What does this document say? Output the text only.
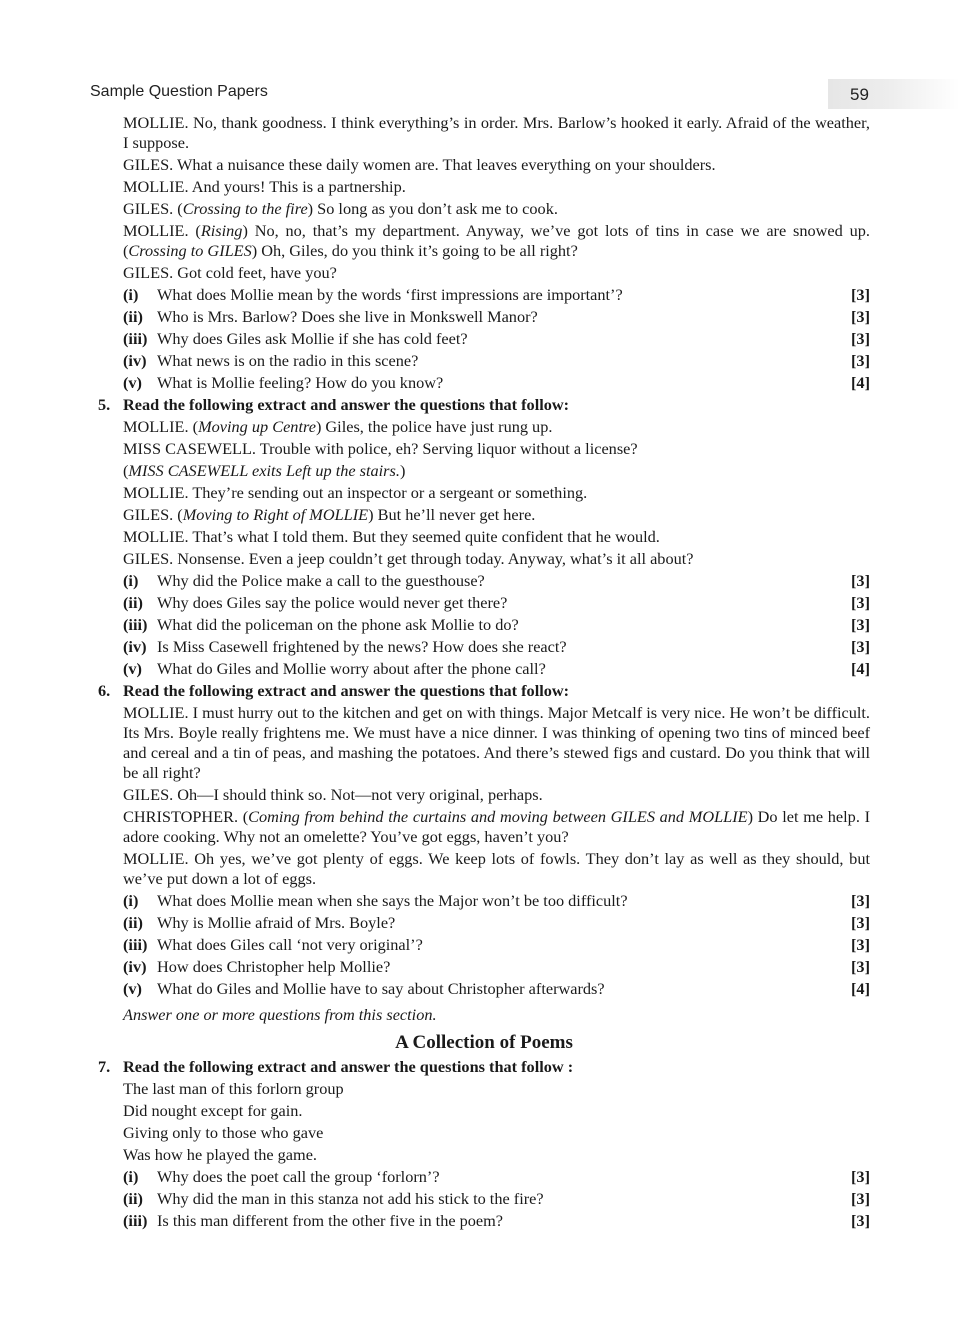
Sample Question Papers	59

MOLLIE. No, thank goodness. I think everything’s in order. Mrs. Barlow’s hooked it early. Afraid of the weather, I suppose.

GILES. What a nuisance these daily women are. That leaves everything on your shoulders.

MOLLIE. And yours! This is a partnership.

GILES. (Crossing to the fire) So long as you don’t ask me to cook.

MOLLIE. (Rising) No, no, that’s my department. Anyway, we’ve got lots of tins in case we are snowed up. (Crossing to GILES) Oh, Giles, do you think it’s going to be all right?

GILES. Got cold feet, have you?

(i)	What does Mollie mean by the words ‘first impressions are important’?	[3]
(ii) Who is Mrs. Barlow? Does she live in Monkswell Manor?	[3]
(iii) Why does Giles ask Mollie if she has cold feet?	[3]
(iv) What news is on the radio in this scene?	[3]
(v) What is Mollie feeling? How do you know?	[4]
5. Read the following extract and answer the questions that follow:

MOLLIE. (Moving up Centre) Giles, the police have just rung up.

MISS CASEWELL. Trouble with police, eh? Serving liquor without a license?

(MISS CASEWELL exits Left up the stairs.)

MOLLIE. They’re sending out an inspector or a sergeant or something.

GILES. (Moving to Right of MOLLIE) But he’ll never get here.

MOLLIE. That’s what I told them. But they seemed quite confident that he would.

GILES. Nonsense. Even a jeep couldn’t get through today. Anyway, what’s it all about?

(i)	Why did the Police make a call to the guesthouse?	[3]
(ii) Why does Giles say the police would never get there?	[3]
(iii) What did the policeman on the phone ask Mollie to do?	[3]
(iv) Is Miss Casewell frightened by the news? How does she react?	[3]
(v) What do Giles and Mollie worry about after the phone call?	[4]
6. Read the following extract and answer the questions that follow:

MOLLIE. I must hurry out to the kitchen and get on with things. Major Metcalf is very nice. He won’t be difficult. Its Mrs. Boyle really frightens me. We must have a nice dinner. I was thinking of opening two tins of minced beef and cereal and a tin of peas, and mashing the potatoes. And there’s stewed figs and custard. Do you think that will be all right?

GILES. Oh—I should think so. Not—not very original, perhaps.

CHRISTOPHER. (Coming from behind the curtains and moving between GILES and MOLLIE) Do let me help. I adore cooking. Why not an omelette? You’ve got eggs, haven’t you?

MOLLIE. Oh yes, we’ve got plenty of eggs. We keep lots of fowls. They don’t lay as well as they should, but we’ve put down a lot of eggs.

(i)	What does Mollie mean when she says the Major won’t be too difficult?	[3]
(ii) Why is Mollie afraid of Mrs. Boyle?	[3]
(iii) What does Giles call ‘not very original’?	[3]
(iv) How does Christopher help Mollie?	[3]
(v) What do Giles and Mollie have to say about Christopher afterwards?	[4]

Answer one or more questions from this section.

A Collection of Poems
7. Read the following extract and answer the questions that follow :

The last man of this forlorn group

Did nought except for gain.

Giving only to those who gave

Was how he played the game.

(i)	Why does the poet call the group ‘forlorn’?	[3]
(ii) Why did the man in this stanza not add his stick to the fire?	[3]
(iii) Is this man different from the other five in the poem?	[3]
